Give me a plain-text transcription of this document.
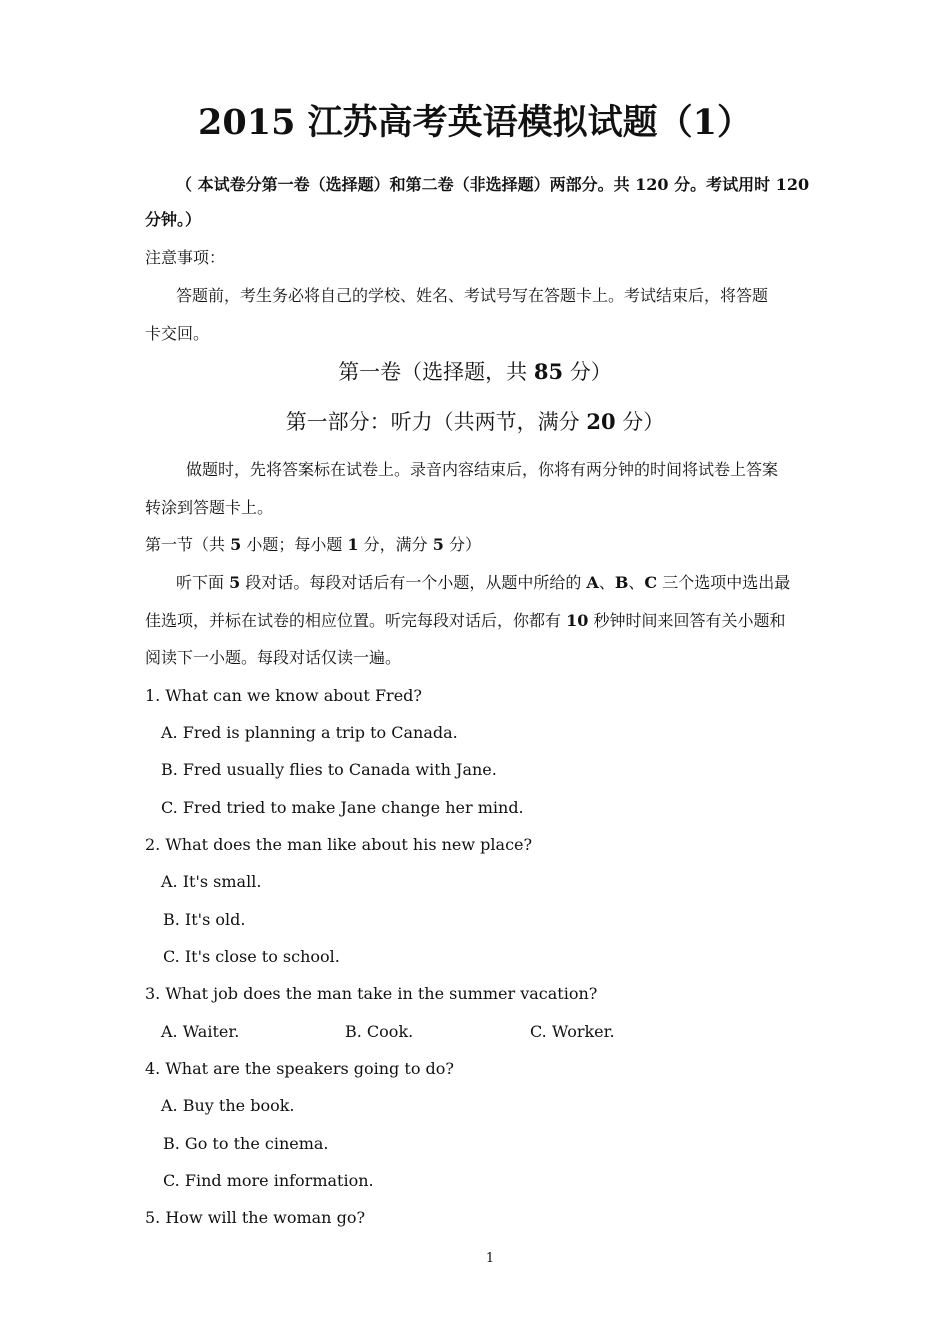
2015 江苏高考英语模拟试题（1）
（ 本试卷分第一卷（选择题）和第二卷（非选择题）两部分。共 120 分。考试用时 120
分钟。）
注意事项：
答题前，考生务必将自己的学校、姓名、考试号写在答题卡上。考试结束后，将答题
卡交回。
第一卷（选择题，共 85 分）
第一部分：听力（共两节，满分 20 分）
做题时，先将答案标在试卷上。录音内容结束后，你将有两分钟的时间将试卷上答案
转涂到答题卡上。
第一节（共 5 小题；每小题 1 分，满分 5 分）
听下面 5 段对话。每段对话后有一个小题，从题中所给的 A、B、C 三个选项中选出最
佳选项，并标在试卷的相应位置。听完每段对话后，你都有 10 秒钟时间来回答有关小题和
阅读下一小题。每段对话仅读一遍。
1. What can we know about Fred?
A. Fred is planning a trip to Canada.
B. Fred usually flies to Canada with Jane.
C. Fred tried to make Jane change her mind.
2. What does the man like about his new place?
A. It's small.
B. It's old.
C. It's close to school.
3. What job does the man take in the summer vacation?
A. Waiter.	B. Cook.	C. Worker.
4. What are the speakers going to do?
A. Buy the book.
B. Go to the cinema.
C. Find more information.
5. How will the woman go?
1
